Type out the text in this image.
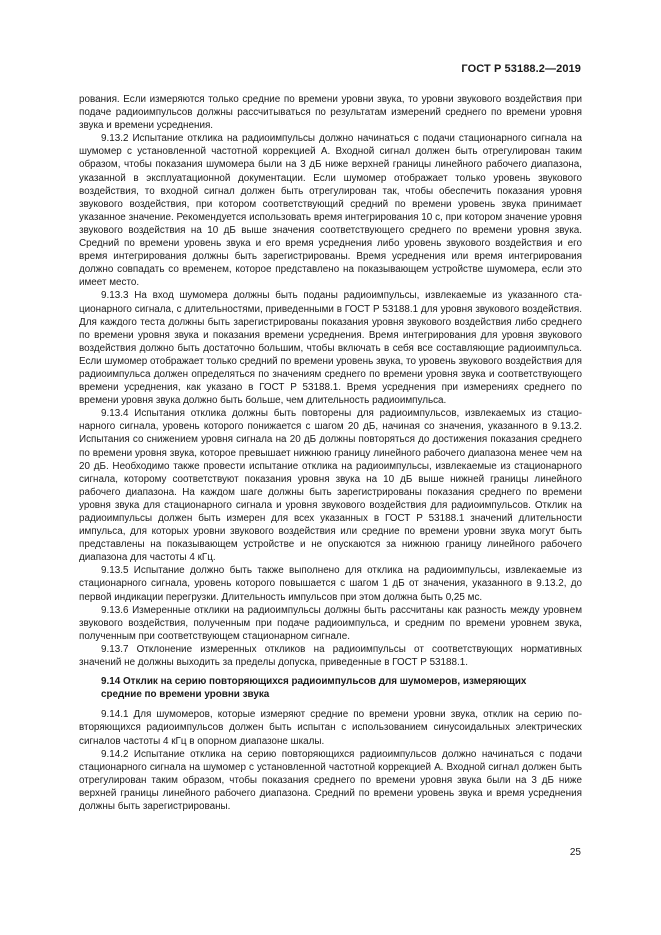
ГОСТ Р 53188.2—2019

рования. Если измеряются только средние по времени уровни звука, то уровни звукового воздействия при подаче радиоимпульсов должны рассчитываться по результатам измерений среднего по времени уровня звука и времени усреднения.

9.13.2 Испытание отклика на радиоимпульсы должно начинаться с подачи стационарного сигнала на шумомер с установленной частотной коррекцией A. Входной сигнал должен быть отрегулирован таким образом, чтобы показания шумомера были на 3 дБ ниже верхней границы линейного рабочего диапазона, указанной в эксплуатационной документации. Если шумомер отображает только уровень звукового воздействия, то входной сигнал должен быть отрегулирован так, чтобы обеспечить показания уровня звукового воздействия, при котором соответствующий средний по времени уровень звука принимает указанное значение. Рекомендуется использовать время интегрирования 10 с, при котором значение уровня звукового воздействия на 10 дБ выше значения соответствующего среднего по времени уровня звука. Средний по времени уровень звука и его время усреднения либо уровень звукового воздействия и его время интегрирования должны быть зарегистрированы. Время усреднения или время интегрирования должно совпадать со временем, которое представлено на показывающем устройстве шумомера, если это имеет место.

9.13.3 На вход шумомера должны быть поданы радиоимпульсы, извлекаемые из указанного стационарного сигнала, с длительностями, приведенными в ГОСТ Р 53188.1 для уровня звукового воздействия. Для каждого теста должны быть зарегистрированы показания уровня звукового воздействия либо среднего по времени уровня звука и показания времени усреднения. Время интегрирования для уровня звукового воздействия должно быть достаточно большим, чтобы включать в себя все составляющие радиоимпульса. Если шумомер отображает только средний по времени уровень звука, то уровень звукового воздействия для радиоимпульса должен определяться по значениям среднего по времени уровня звука и соответствующего времени усреднения, как указано в ГОСТ Р 53188.1. Время усреднения при измерениях среднего по времени уровня звука должно быть больше, чем длительность радиоимпульса.

9.13.4 Испытания отклика должны быть повторены для радиоимпульсов, извлекаемых из стационарного сигнала, уровень которого понижается с шагом 20 дБ, начиная со значения, указанного в 9.13.2. Испытания со снижением уровня сигнала на 20 дБ должны повторяться до достижения показания среднего по времени уровня звука, которое превышает нижнюю границу линейного рабочего диапазона менее чем на 20 дБ. Необходимо также провести испытание отклика на радиоимпульсы, извлекаемые из стационарного сигнала, которому соответствуют показания уровня звука на 10 дБ выше нижней границы линейного рабочего диапазона. На каждом шаге должны быть зарегистрированы показания среднего по времени уровня звука для стационарного сигнала и уровня звукового воздействия для радиоимпульсов. Отклик на радиоимпульсы должен быть измерен для всех указанных в ГОСТ Р 53188.1 значений длительности импульса, для которых уровни звукового воздействия или средние по времени уровни звука могут быть представлены на показывающем устройстве и не опускаются за нижнюю границу линейного рабочего диапазона для частоты 4 кГц.

9.13.5 Испытание должно быть также выполнено для отклика на радиоимпульсы, извлекаемые из стационарного сигнала, уровень которого повышается с шагом 1 дБ от значения, указанного в 9.13.2, до первой индикации перегрузки. Длительность импульсов при этом должна быть 0,25 мс.

9.13.6 Измеренные отклики на радиоимпульсы должны быть рассчитаны как разность между уровнем звукового воздействия, полученным при подаче радиоимпульса, и средним по времени уровнем звука, полученным при соответствующем стационарном сигнале.

9.13.7 Отклонение измеренных откликов на радиоимпульсы от соответствующих нормативных значений не должны выходить за пределы допуска, приведенные в ГОСТ Р 53188.1.

9.14 Отклик на серию повторяющихся радиоимпульсов для шумомеров, измеряющих
средние по времени уровни звука

9.14.1 Для шумомеров, которые измеряют средние по времени уровни звука, отклик на серию повторяющихся радиоимпульсов должен быть испытан с использованием синусоидальных электрических сигналов частоты 4 кГц в опорном диапазоне шкалы.

9.14.2 Испытание отклика на серию повторяющихся радиоимпульсов должно начинаться с подачи стационарного сигнала на шумомер с установленной частотной коррекцией A. Входной сигнал должен быть отрегулирован таким образом, чтобы показания среднего по времени уровня звука были на 3 дБ ниже верхней границы линейного рабочего диапазона. Средний по времени уровень звука и время усреднения должны быть зарегистрированы.

25
